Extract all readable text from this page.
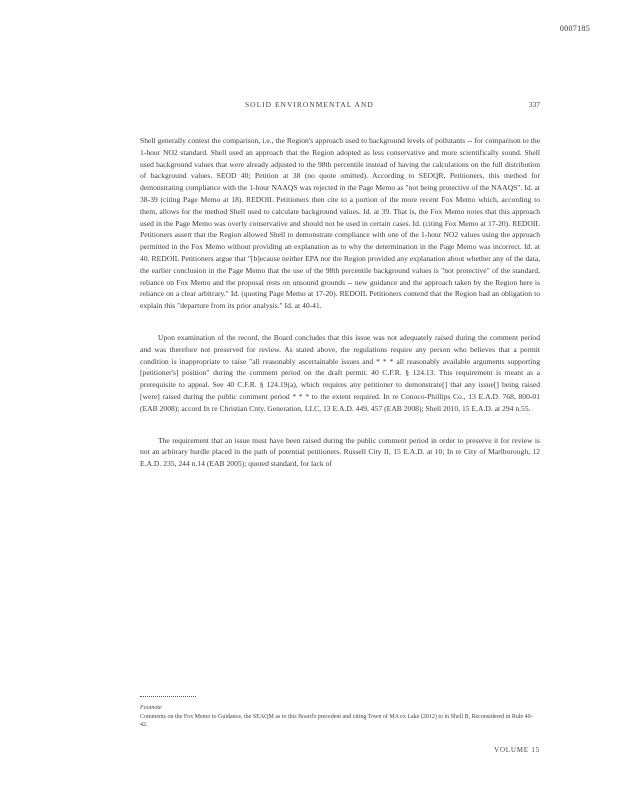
0007185
SOLID ENVIRONMENTAL AND	337

Shell generally contest the comparison, i.e., the Region's approach used to background levels of pollutants -- for comparison to the 1-hour NO2 standard. Shell used an approach that the Region adopted as less conservative and more scientifically sound. Shell used background values that were already adjusted to the 98th percentile instead of having the calculations on the full distribution of background values. SEOD 40; Petition at 38 (no quote omitted). According to SEOQR, Petitioners, this method for demonstrating compliance with the 1-hour NAAQS was rejected in the Page Memo as "not being protective of the NAAQS". Id. at 38-39 (citing Page Memo at 18). REDOIL Petitioners then cite to a portion of the more recent Fox Memo which, according to them, allows for the method Shell used to calculate background values. Id. at 39. That is, the Fox Memo notes that this approach used in the Page Memo was overly conservative and should not be used in certain cases. Id. (citing Fox Memo at 17-20). REDOIL Petitioners assert that the Region allowed Shell to demonstrate compliance with one of the 1-hour NO2 values using the approach permitted in the Fox Memo without providing an explanation as to why the determination in the Page Memo was incorrect. Id. at 40. REDOIL Petitioners argue that "[b]ecause neither EPA nor the Region provided any explanation about whether any of the data, the earlier conclusion in the Page Memo that the use of the 98th percentile background values is "not protective" of the standard, reliance on Fox Memo and the proposal rests on unsound grounds -- new guidance and the approach taken by the Region here is reliance on a clear arbitrary." Id. (quoting Page Memo at 17-20). REDOIL Petitioners contend that the Region had an obligation to explain this "departure from its prior analysis." Id. at 40-41.

Upon examination of the record, the Board concludes that this issue was not adequately raised during the comment period and was therefore not preserved for review. As stated above, the regulations require any person who believes that a permit condition is inappropriate to raise "all reasonably ascertainable issues and * * * all reasonably available arguments supporting [petitioner's] position" during the comment period on the draft permit. 40 C.F.R. § 124.13. This requirement is meant as a prerequisite to appeal. See 40 C.F.R. § 124.19(a), which requires any petitioner to demonstrate[] that any issue[] being raised [were] raised during the public comment period * * * to the extent required. In re Conoco-Phillips Co., 13 E.A.D. 768, 800-01 (EAB 2008); accord In re Christian Cnty. Generation, LLC, 13 E.A.D. 449, 457 (EAB 2008); Shell 2010, 15 E.A.D. at 294 n.55.

The requirement that an issue must have been raised during the public comment period in order to preserve it for review is not an arbitrary hurdle placed in the path of potential petitioners. Russell City II, 15 E.A.D. at 10; In re City of Marlborough, 12 E.A.D. 235, 244 n.14 (EAB 2005); quoted standard, for lack of

Footnote
Comments on the Fox Memo to Guidance, the SEAQM as to this Board's precedent and citing Town of MA ex Lake (2012) to in Shell B, Reconsidered in Rule 40-42.
VOLUME 15
